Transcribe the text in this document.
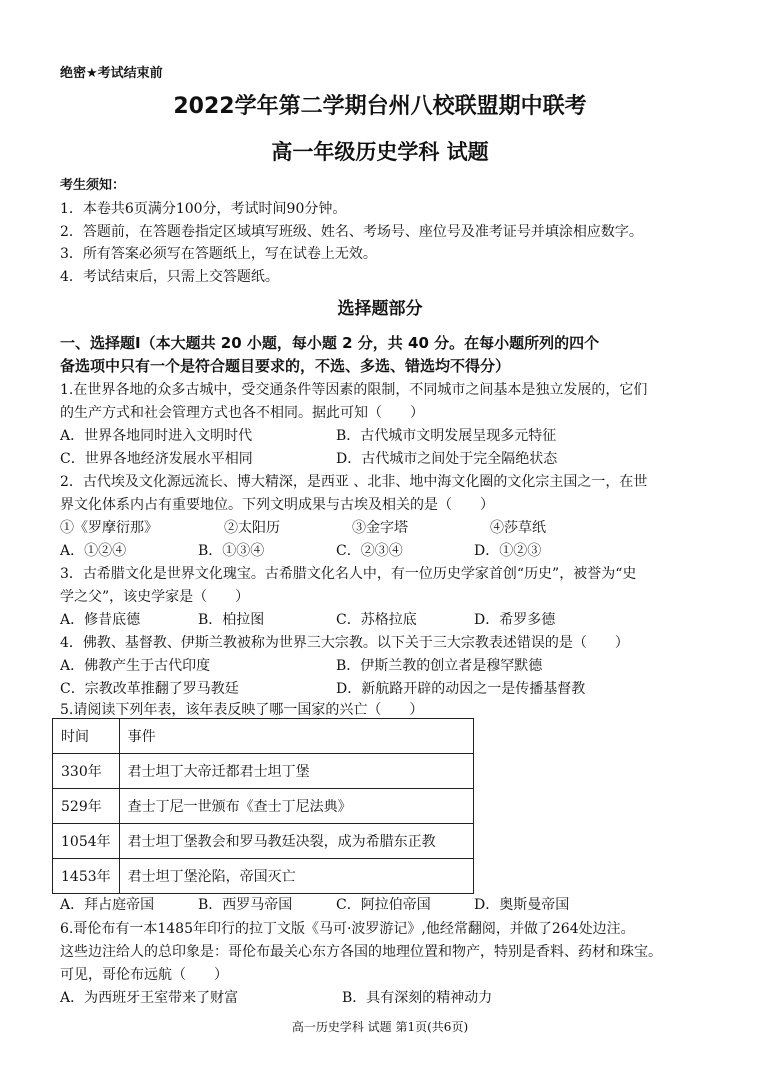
绝密★考试结束前
2022学年第二学期台州八校联盟期中联考
高一年级历史学科 试题
考生须知：
1．本卷共6页满分100分，考试时间90分钟。
2．答题前，在答题卷指定区域填写班级、姓名、考场号、座位号及准考证号并填涂相应数字。
3．所有答案必须写在答题纸上，写在试卷上无效。
4．考试结束后，只需上交答题纸。
选择题部分
一、选择题Ⅰ（本大题共 20 小题，每小题 2 分，共 40 分。在每小题所列的四个
备选项中只有一个是符合题目要求的，不选、多选、错选均不得分）
1.在世界各地的众多古城中，受交通条件等因素的限制，不同城市之间基本是独立发展的，它们
的生产方式和社会管理方式也各不相同。据此可知（　　）
A．世界各地同时进入文明时代	B．古代城市文明发展呈现多元特征
C．世界各地经济发展水平相同	D．古代城市之间处于完全隔绝状态
2．古代埃及文化源远流长、博大精深，是西亚 、北非、地中海文化圈的文化宗主国之一，在世
界文化体系内占有重要地位。下列文明成果与古埃及相关的是（　　）
①《罗摩衍那》	②太阳历	③金字塔	④莎草纸
A．①②④	B．①③④	C．②③④	D．①②③
3．古希腊文化是世界文化瑰宝。古希腊文化名人中，有一位历史学家首创“历史”，被誉为“史
学之父”，该史学家是（　　）
A．修昔底德	B．柏拉图	C．苏格拉底	D．希罗多德
4．佛教、基督教、伊斯兰教被称为世界三大宗教。以下关于三大宗教表述错误的是（　　）
A．佛教产生于古代印度	B．伊斯兰教的创立者是穆罕默德
C．宗教改革推翻了罗马教廷	D．新航路开辟的动因之一是传播基督教
5.请阅读下列年表，该年表反映了哪一国家的兴亡（　　）
时间	事件
330年	君士坦丁大帝迁都君士坦丁堡
529年	查士丁尼一世颁布《查士丁尼法典》
1054年	君士坦丁堡教会和罗马教廷决裂，成为希腊东正教
1453年	君士坦丁堡沦陷，帝国灭亡
A．拜占庭帝国	B．西罗马帝国	C．阿拉伯帝国	D．奥斯曼帝国
6.哥伦布有一本1485年印行的拉丁文版《马可·波罗游记》,他经常翻阅，并做了264处边注。
这些边注给人的总印象是：哥伦布最关心东方各国的地理位置和物产，特别是香料、药材和珠宝。
可见，哥伦布远航（　　）
A．为西班牙王室带来了财富	B．具有深刻的精神动力
高一历史学科 试题 第1页(共6页)
